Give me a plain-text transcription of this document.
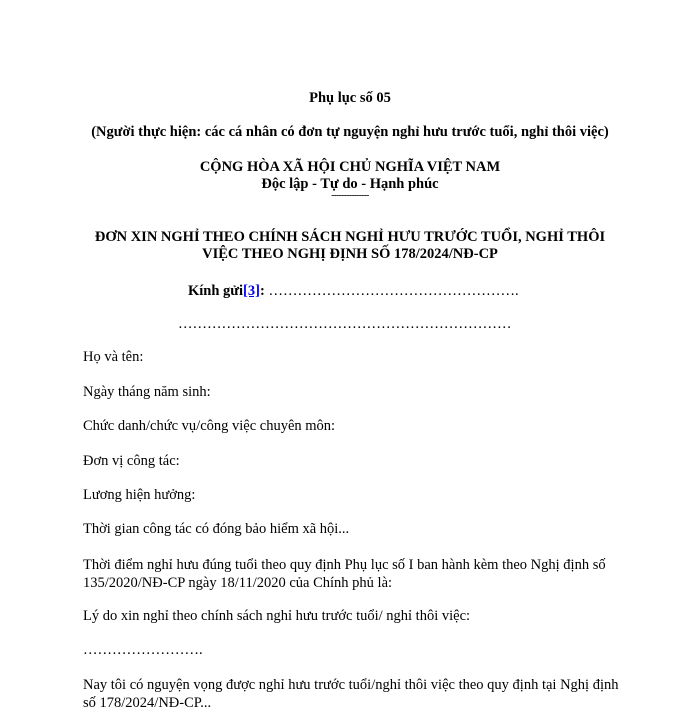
Phụ lục số 05
(Người thực hiện: các cá nhân có đơn tự nguyện nghỉ hưu trước tuổi, nghỉ thôi việc)
CỘNG HÒA XÃ HỘI CHỦ NGHĨA VIỆT NAM
Độc lập - Tự do - Hạnh phúc
---------------
ĐƠN XIN NGHỈ THEO CHÍNH SÁCH NGHỈ HƯU TRƯỚC TUỔI, NGHỈ THÔI
VIỆC THEO NGHỊ ĐỊNH SỐ 178/2024/NĐ-CP
Kính gửi[3]: …………………………………………….
……………………………………………………………
Họ và tên:
Ngày tháng năm sinh:
Chức danh/chức vụ/công việc chuyên môn:
Đơn vị công tác:
Lương hiện hưởng:
Thời gian công tác có đóng bảo hiểm xã hội...
Thời điểm nghỉ hưu đúng tuổi theo quy định Phụ lục số I ban hành kèm theo Nghị định số 135/2020/NĐ-CP ngày 18/11/2020 của Chính phủ là:
Lý do xin nghỉ theo chính sách nghỉ hưu trước tuổi/ nghỉ thôi việc:
…………………….
Nay tôi có nguyện vọng được nghỉ hưu trước tuổi/nghỉ thôi việc theo quy định tại Nghị định số 178/2024/NĐ-CP...
